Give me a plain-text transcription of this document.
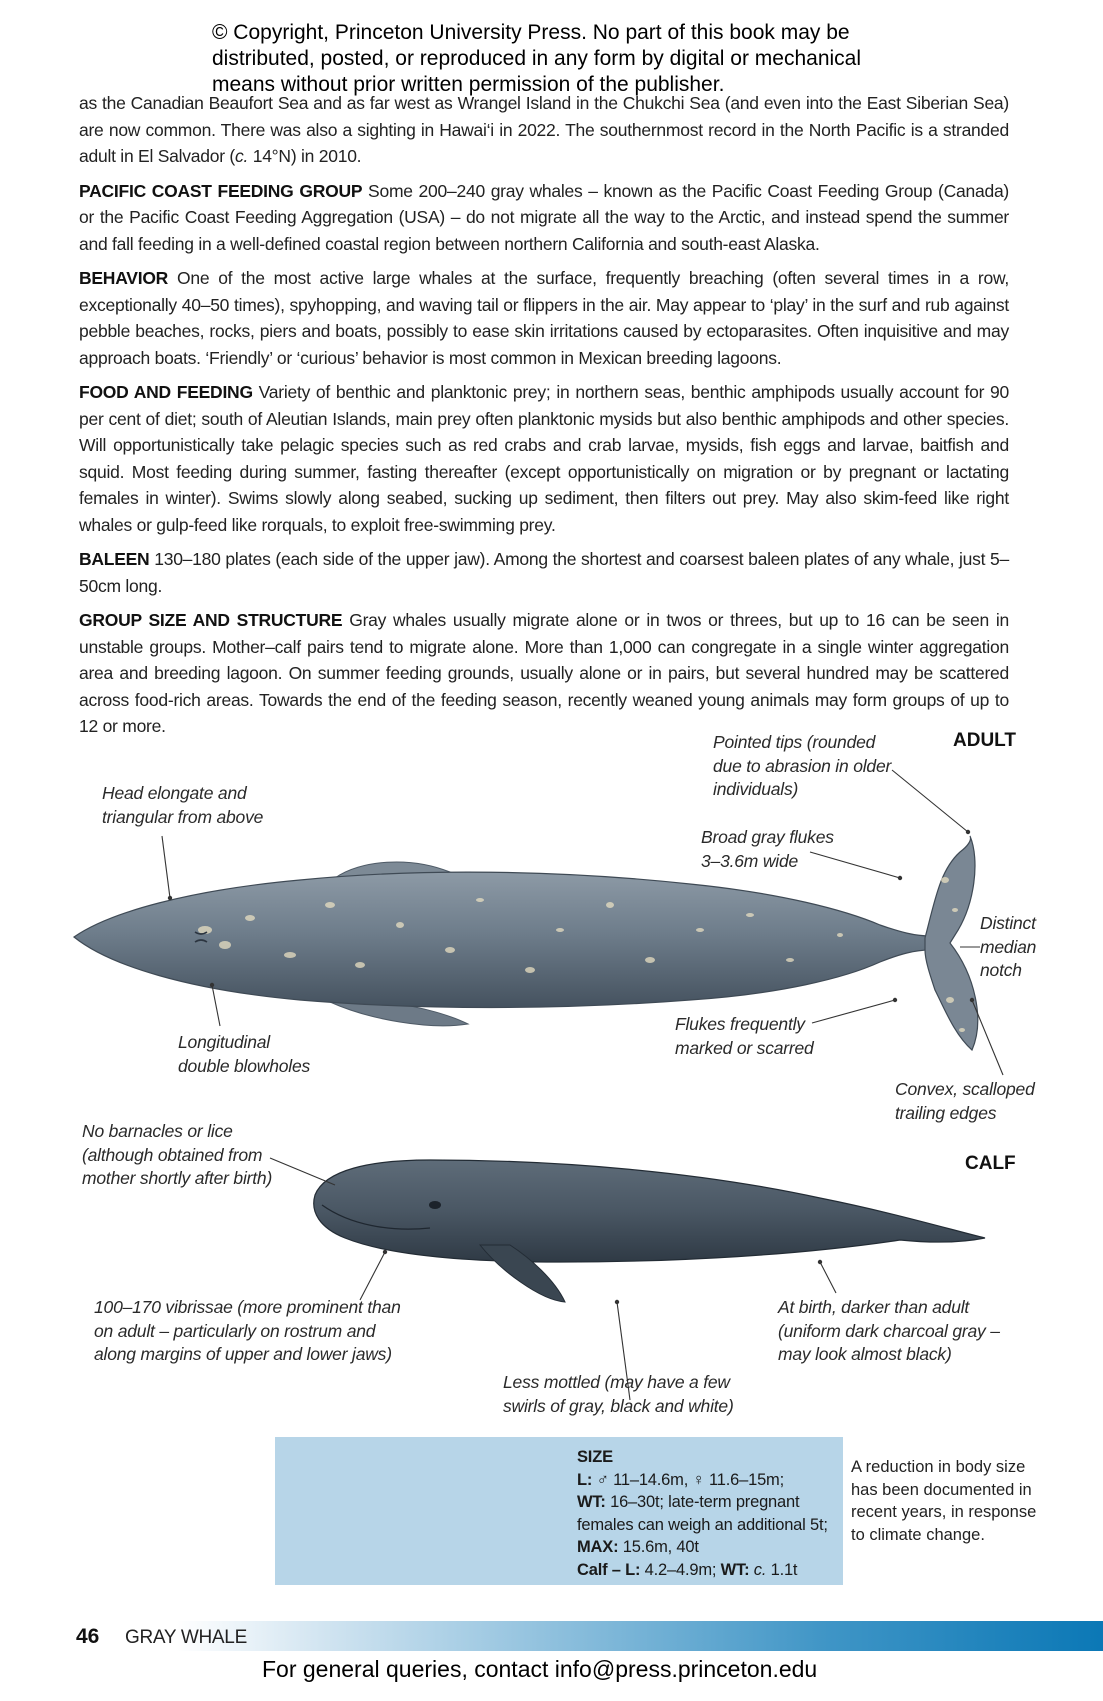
© Copyright, Princeton University Press. No part of this book may be
distributed, posted, or reproduced in any form by digital or mechanical
means without prior written permission of the publisher.

as the Canadian Beaufort Sea and as far west as Wrangel Island in the Chukchi Sea (and even into the East Siberian Sea) are now common. There was also a sighting in Hawai‘i in 2022. The southernmost record in the North Pacific is a stranded adult in El Salvador (c. 14°N) in 2010.

PACIFIC COAST FEEDING GROUP Some 200–240 gray whales – known as the Pacific Coast Feeding Group (Canada) or the Pacific Coast Feeding Aggregation (USA) – do not migrate all the way to the Arctic, and instead spend the summer and fall feeding in a well-defined coastal region between northern California and south-east Alaska.

BEHAVIOR One of the most active large whales at the surface, frequently breaching (often several times in a row, exceptionally 40–50 times), spyhopping, and waving tail or flippers in the air. May appear to ‘play’ in the surf and rub against pebble beaches, rocks, piers and boats, possibly to ease skin irritations caused by ectoparasites. Often inquisitive and may approach boats. ‘Friendly’ or ‘curious’ behavior is most common in Mexican breeding lagoons.

FOOD AND FEEDING Variety of benthic and planktonic prey; in northern seas, benthic amphipods usually account for 90 per cent of diet; south of Aleutian Islands, main prey often planktonic mysids but also benthic amphipods and other species. Will opportunistically take pelagic species such as red crabs and crab larvae, mysids, fish eggs and larvae, baitfish and squid. Most feeding during summer, fasting thereafter (except opportunistically on migration or by pregnant or lactating females in winter). Swims slowly along seabed, sucking up sediment, then filters out prey. May also skim-feed like right whales or gulp-feed like rorquals, to exploit free-swimming prey.

BALEEN 130–180 plates (each side of the upper jaw). Among the shortest and coarsest baleen plates of any whale, just 5–50cm long.

GROUP SIZE AND STRUCTURE Gray whales usually migrate alone or in twos or threes, but up to 16 can be seen in unstable groups. Mother–calf pairs tend to migrate alone. More than 1,000 can congregate in a single winter aggregation area and breeding lagoon. On summer feeding grounds, usually alone or in pairs, but several hundred may be scattered across food-rich areas. Towards the end of the feeding season, recently weaned young animals may form groups of up to 12 or more.

ADULT
CALF
Pointed tips (rounded
due to abrasion in older
individuals)
Head elongate and
triangular from above
Broad gray flukes
3–3.6m wide
Distinct
median
notch
Longitudinal
double blowholes
Flukes frequently
marked or scarred
Convex, scalloped
trailing edges
No barnacles or lice
(although obtained from
mother shortly after birth)
100–170 vibrissae (more prominent than
on adult – particularly on rostrum and
along margins of upper and lower jaws)
Less mottled (may have a few
swirls of gray, black and white)
At birth, darker than adult
(uniform dark charcoal gray –
may look almost black)
SIZE
L: ♂ 11–14.6m, ♀ 11.6–15m;
WT: 16–30t; late-term pregnant females can weigh an additional 5t;
MAX: 15.6m, 40t
Calf – L: 4.2–4.9m; WT: c. 1.1t
A reduction in body size has been documented in recent years, in response to climate change.
46 GRAY WHALE
For general queries, contact info@press.princeton.edu
